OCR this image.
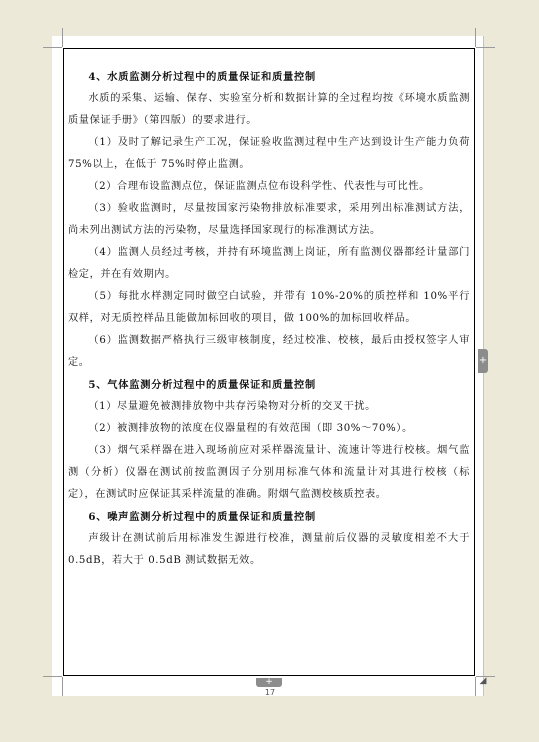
4、水质监测分析过程中的质量保证和质量控制

水质的采集、运输、保存、实验室分析和数据计算的全过程均按《环境水质监测质量保证手册》（第四版）的要求进行。

（1）及时了解记录生产工况，保证验收监测过程中生产达到设计生产能力负荷 75%以上，在低于 75%时停止监测。

（2）合理布设监测点位，保证监测点位布设科学性、代表性与可比性。

（3）验收监测时，尽量按国家污染物排放标准要求，采用列出标准测试方法，尚未列出测试方法的污染物，尽量选择国家现行的标准测试方法。

（4）监测人员经过考核，并持有环境监测上岗证，所有监测仪器都经计量部门检定，并在有效期内。

（5）每批水样测定同时做空白试验，并带有 10%-20%的质控样和 10%平行双样，对无质控样品且能做加标回收的项目，做 100%的加标回收样品。

（6）监测数据严格执行三级审核制度，经过校准、校核，最后由授权签字人审定。

5、气体监测分析过程中的质量保证和质量控制

（1）尽量避免被测排放物中共存污染物对分析的交叉干扰。

（2）被测排放物的浓度在仪器量程的有效范围（即 30%～70%）。

（3）烟气采样器在进入现场前应对采样器流量计、流速计等进行校核。烟气监测（分析）仪器在测试前按监测因子分别用标准气体和流量计对其进行校核（标定），在测试时应保证其采样流量的准确。附烟气监测校核质控表。

6、噪声监测分析过程中的质量保证和质量控制

声级计在测试前后用标准发生源进行校准，测量前后仪器的灵敏度相差不大于 0.5dB，若大于 0.5dB 测试数据无效。

+
+
17
◢
